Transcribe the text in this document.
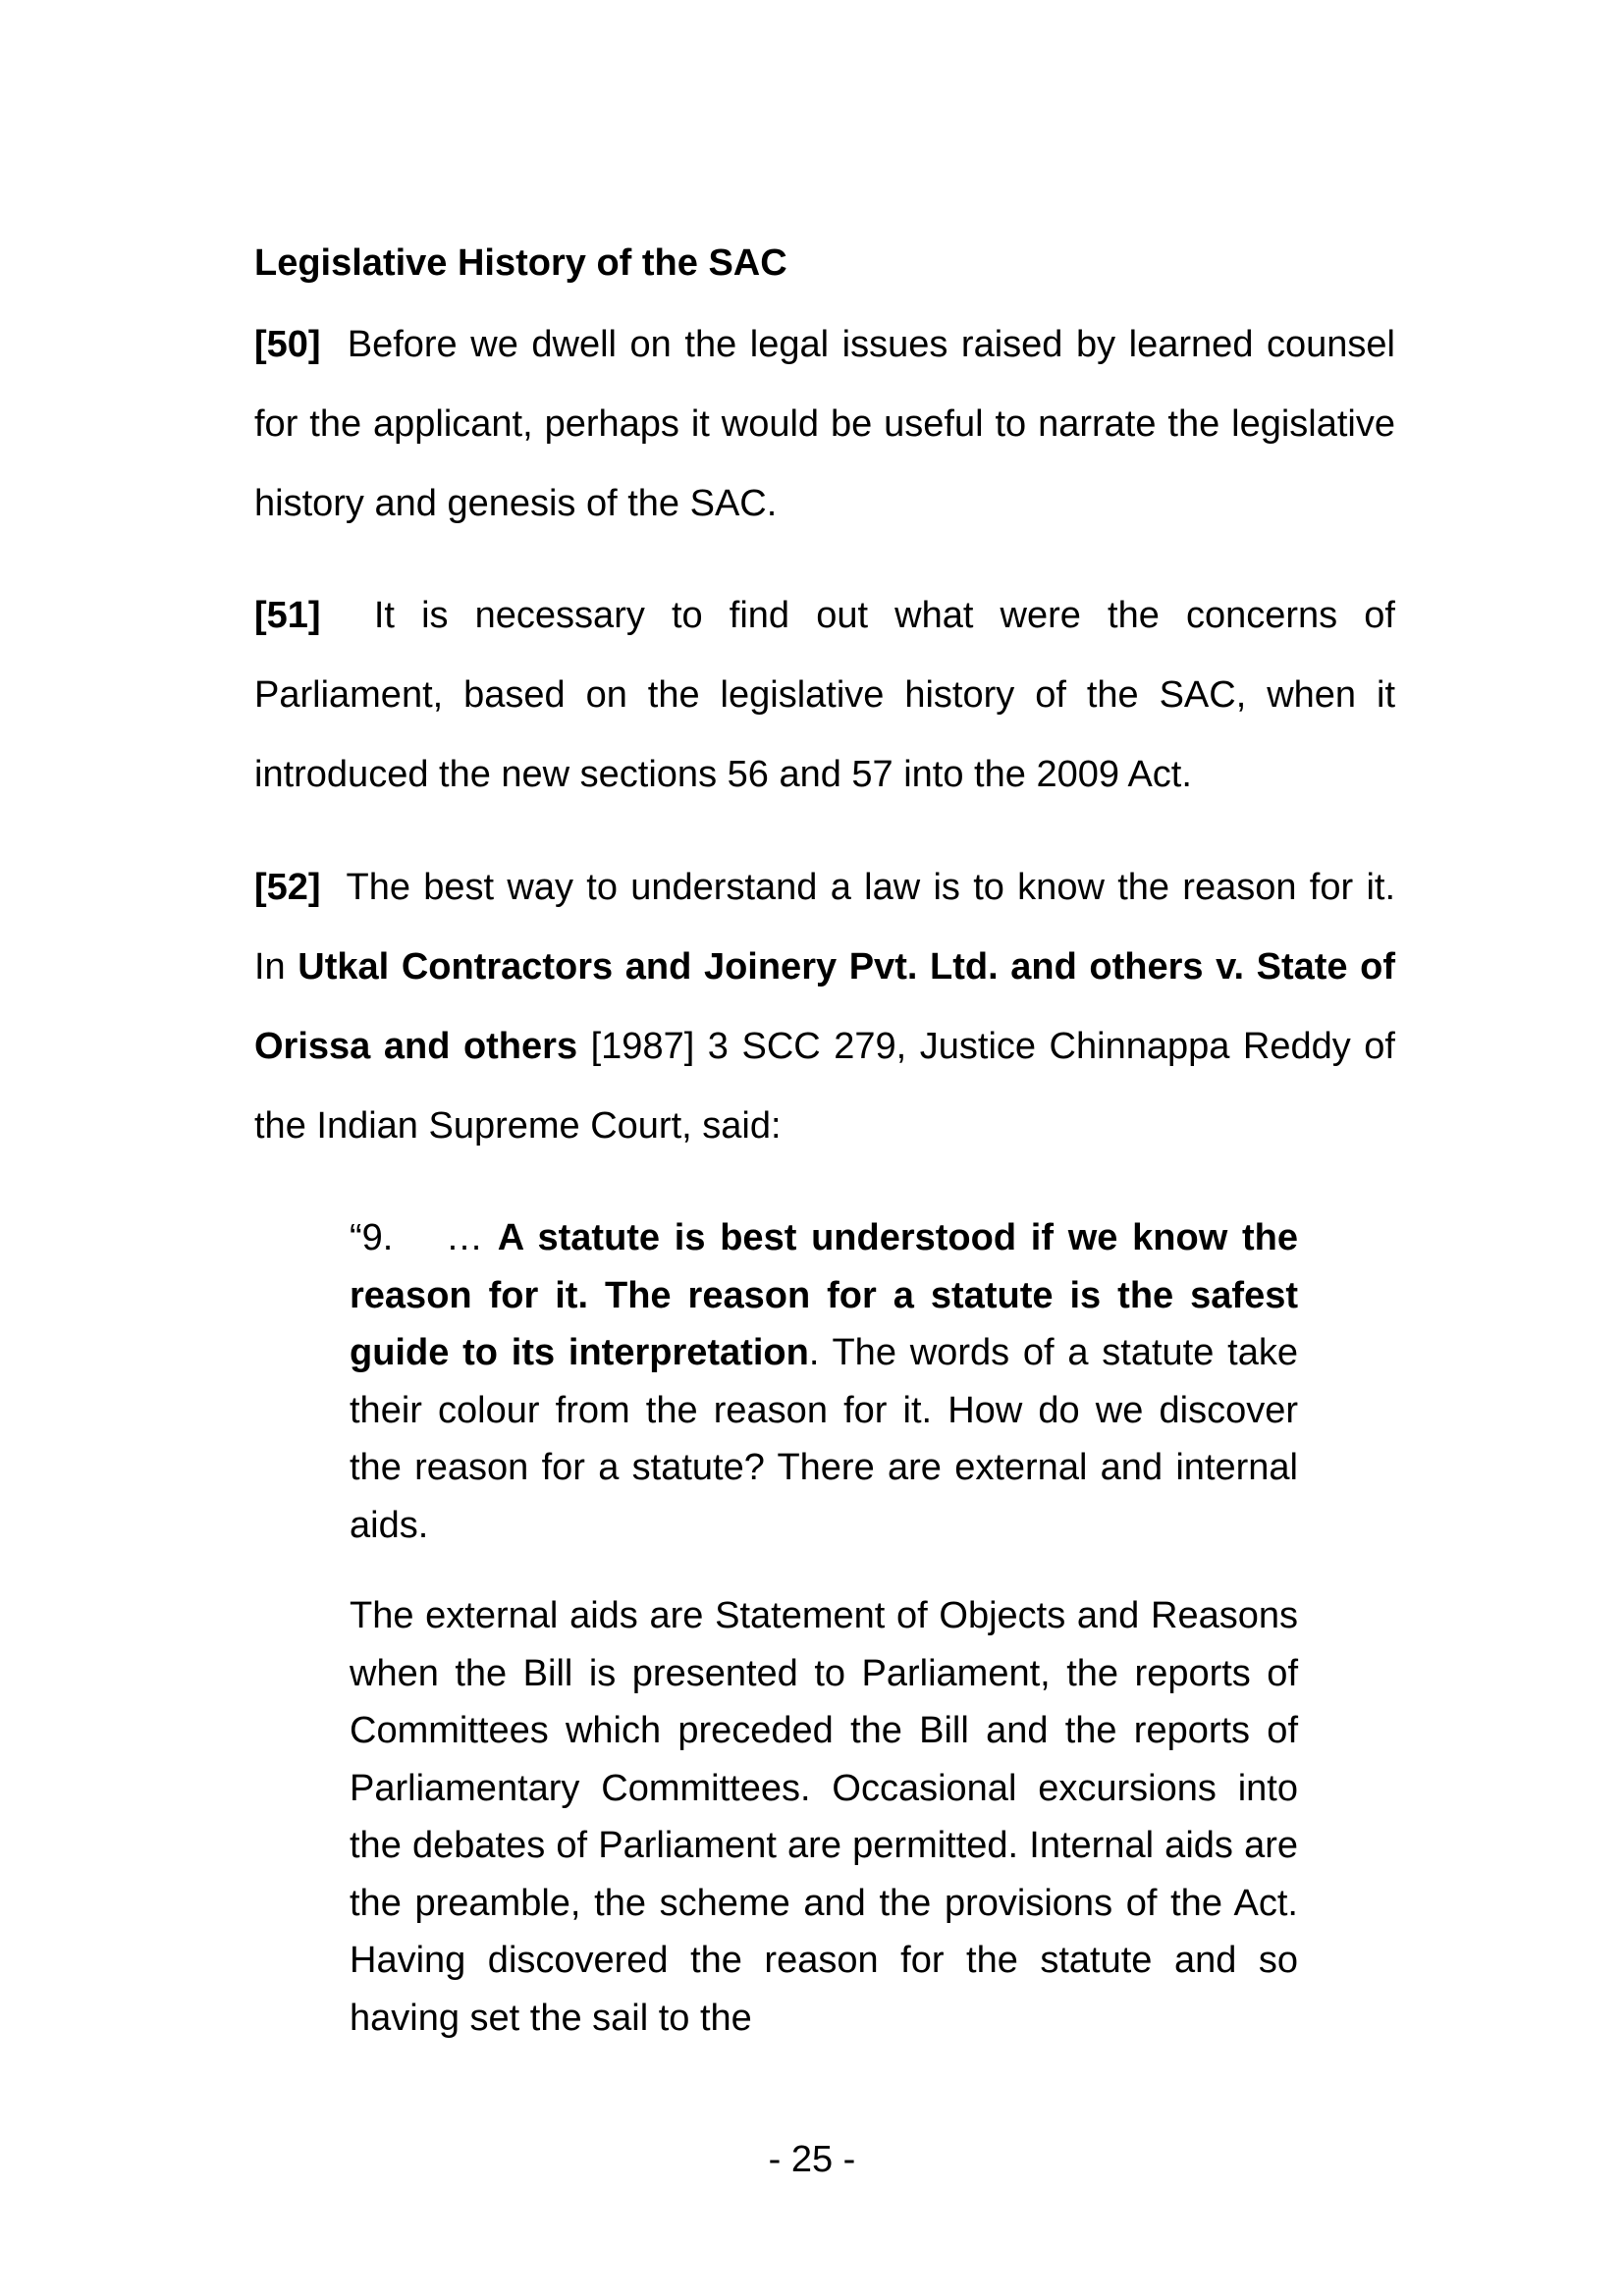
Legislative History of the SAC

[50] Before we dwell on the legal issues raised by learned counsel for the applicant, perhaps it would be useful to narrate the legislative history and genesis of the SAC.

[51] It is necessary to find out what were the concerns of Parliament, based on the legislative history of the SAC, when it introduced the new sections 56 and 57 into the 2009 Act.

[52] The best way to understand a law is to know the reason for it. In Utkal Contractors and Joinery Pvt. Ltd. and others v. State of Orissa and others [1987] 3 SCC 279, Justice Chinnappa Reddy of the Indian Supreme Court, said:

“9. … A statute is best understood if we know the reason for it. The reason for a statute is the safest guide to its interpretation. The words of a statute take their colour from the reason for it. How do we discover the reason for a statute? There are external and internal aids.

The external aids are Statement of Objects and Reasons when the Bill is presented to Parliament, the reports of Committees which preceded the Bill and the reports of Parliamentary Committees. Occasional excursions into the debates of Parliament are permitted. Internal aids are the preamble, the scheme and the provisions of the Act. Having discovered the reason for the statute and so having set the sail to the

- 25 -
